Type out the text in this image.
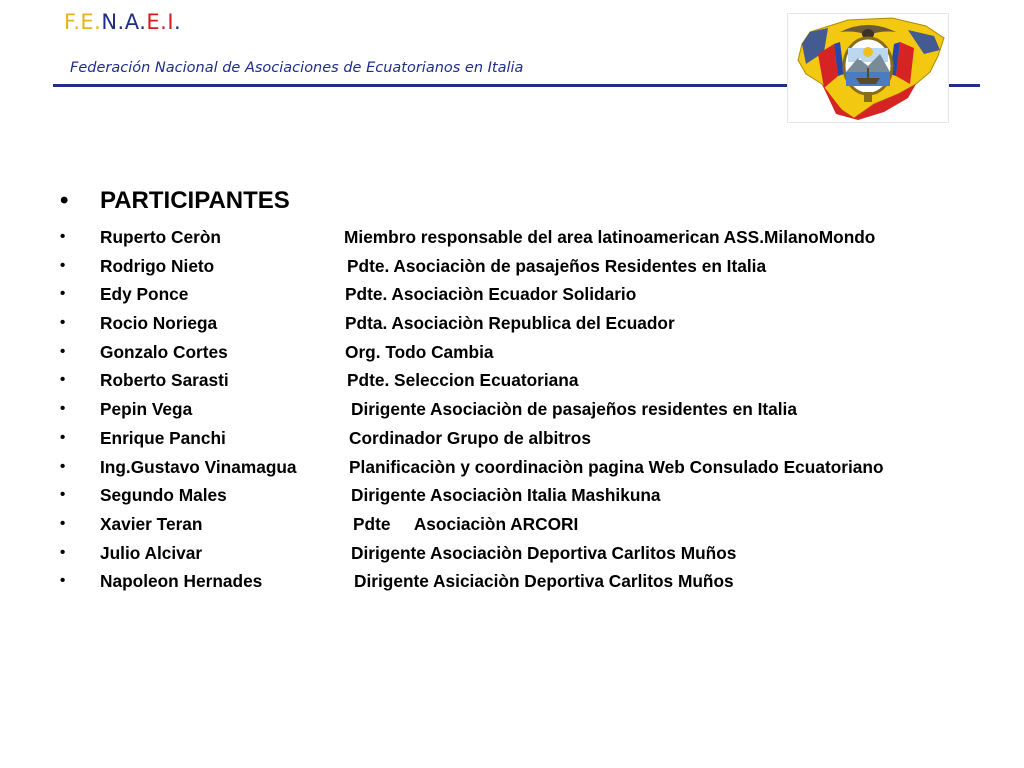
F.E.N.A.E.I.
Federación Nacional de Asociaciones de Ecuatorianos en Italia
• PARTICIPANTES
• Ruperto Ceròn	Miembro responsable del area latinoamerican ASS.MilanoMondo
• Rodrigo Nieto	Pdte. Asociaciòn de pasajeños Residentes en Italia
• Edy Ponce	Pdte. Asociaciòn Ecuador Solidario
• Rocio Noriega	Pdta. Asociaciòn Republica del Ecuador
• Gonzalo Cortes	Org. Todo Cambia
• Roberto Sarasti	Pdte. Seleccion Ecuatoriana
• Pepin Vega	Dirigente Asociaciòn de pasajeños residentes en Italia
• Enrique Panchi	Cordinador Grupo de albitros
• Ing.Gustavo Vinamagua	Planificaciòn y coordinaciòn pagina Web Consulado Ecuatoriano
• Segundo Males	Dirigente Asociaciòn Italia Mashikuna
• Xavier Teran	Pdte     Asociaciòn ARCORI
• Julio Alcivar	Dirigente Asociaciòn Deportiva Carlitos Muños
• Napoleon Hernades	Dirigente Asiciaciòn Deportiva Carlitos Muños
